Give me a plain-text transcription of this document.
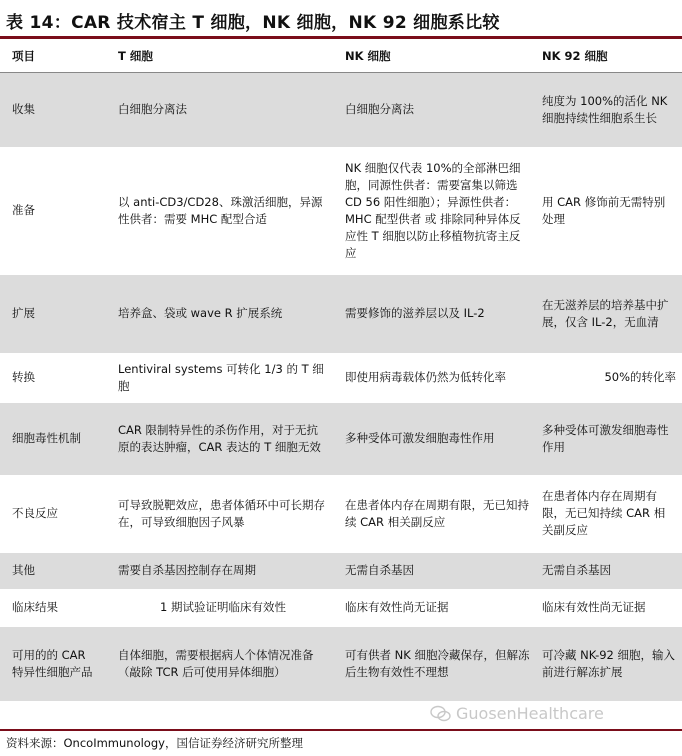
表 14：CAR 技术宿主 T 细胞，NK 细胞，NK 92 细胞系比较
项目	T 细胞	NK 细胞	NK 92 细胞
收集	白细胞分离法	白细胞分离法	纯度为 100%的活化 NK 细胞持续性细胞系生长
准备	以 anti-CD3/CD28、珠激活细胞，异源性供者：需要 MHC 配型合适	NK 细胞仅代表 10%的全部淋巴细胞，同源性供者：需要富集以筛选 CD 56 阳性细胞）；异源性供者：MHC 配型供者 或 排除同种异体反应性 T 细胞以防止移植物抗寄主反应	用 CAR 修饰前无需特别处理
扩展	培养盒、袋或 wave R 扩展系统	需要修饰的滋养层以及 IL-2	在无滋养层的培养基中扩展，仅含 IL-2，无血清
转换	Lentiviral systems 可转化 1/3 的 T 细胞	即使用病毒载体仍然为低转化率	50%的转化率
细胞毒性机制	CAR 限制特异性的杀伤作用，对于无抗原的表达肿瘤，CAR 表达的 T 细胞无效	多种受体可激发细胞毒性作用	多种受体可激发细胞毒性作用
不良反应	可导致脱靶效应，患者体循环中可长期存在，可导致细胞因子风暴	在患者体内存在周期有限，无已知持续 CAR 相关副反应	在患者体内存在周期有限，无已知持续 CAR 相关副反应
其他	需要自杀基因控制存在周期	无需自杀基因	无需自杀基因
临床结果	1 期试验证明临床有效性	临床有效性尚无证据	临床有效性尚无证据
可用的的 CAR 特异性细胞产品	自体细胞，需要根据病人个体情况准备（敲除 TCR 后可使用异体细胞）	可有供者 NK 细胞冷藏保存，但解冻后生物有效性不理想	可冷藏 NK-92 细胞，输入前进行解冻扩展
GuosenHealthcare
资料来源：OncoImmunology，国信证券经济研究所整理
